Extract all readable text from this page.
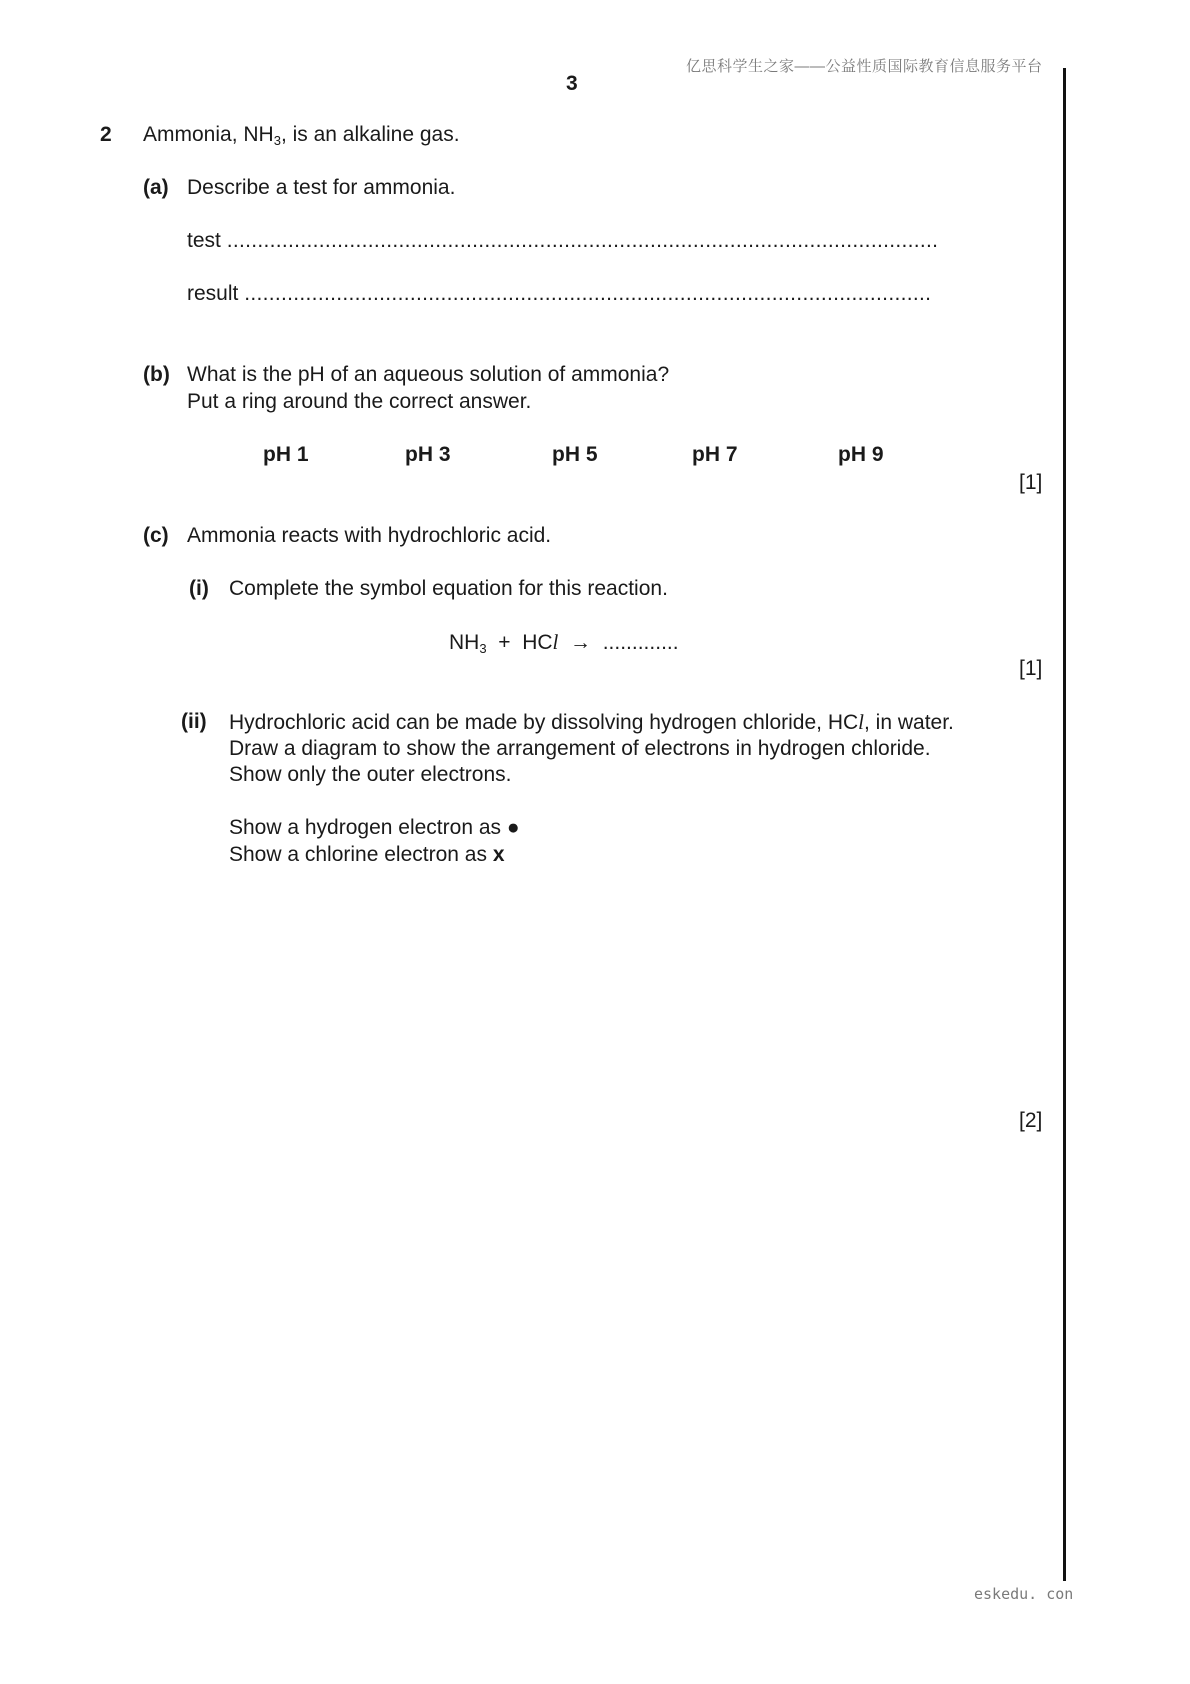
亿思科学生之家——公益性质国际教育信息服务平台
3
2 Ammonia, $NH_3$, is an alkaline gas.
(a) Describe a test for ammonia.
test ....................................................................................................................
result ................................................................................................................
(b) What is the pH of an aqueous solution of ammonia?
Put a ring around the correct answer.
pH 1	pH 3	pH 5	pH 7	pH 9
[1]
(c) Ammonia reacts with hydrochloric acid.
(i) Complete the symbol equation for this reaction.
$NH_3$ + HCl → .............
[1]
(ii) Hydrochloric acid can be made by dissolving hydrogen chloride, HCl, in water.
Draw a diagram to show the arrangement of electrons in hydrogen chloride.
Show only the outer electrons.
Show a hydrogen electron as ●
Show a chlorine electron as x
[2]
eskedu. con
